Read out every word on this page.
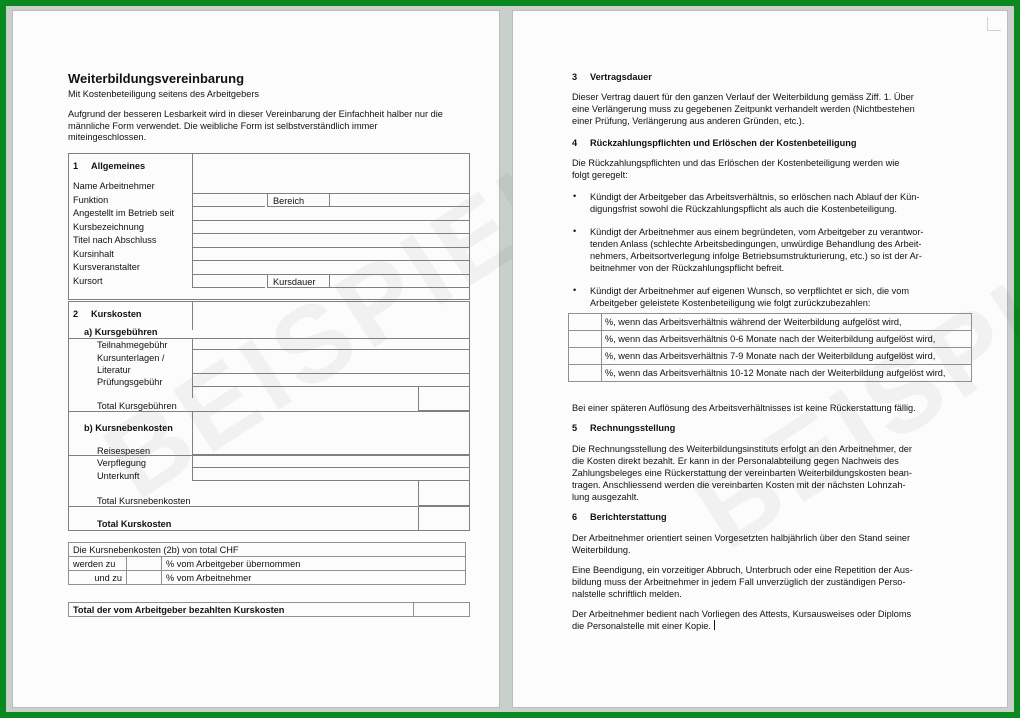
Weiterbildungsvereinbarung
Mit Kostenbeteiligung seitens des Arbeitgebers
Aufgrund der besseren Lesbarkeit wird in dieser Vereinbarung der Einfachheit halber nur die männliche Form verwendet. Die weibliche Form ist selbstverständlich immer miteingeschlossen.
1 Allgemeines
Name Arbeitnehmer
Funktion	Bereich
Angestellt im Betrieb seit
Kursbezeichnung
Titel nach Abschluss
Kursinhalt
Kursveranstalter
Kursort	Kursdauer
2 Kurskosten
a) Kursgebühren
Teilnahmegebühr
Kursunterlagen /
Literatur
Prüfungsgebühr
Total Kursgebühren
b) Kursnebenkosten
Reisespesen
Verpflegung
Unterkunft
Total Kursnebenkosten
Total Kurskosten
Die Kursnebenkosten (2b) von total CHF			
werden zu		% vom Arbeitgeber übernommen	
und zu		% vom Arbeitnehmer	
Total der vom Arbeitgeber bezahlten Kurskosten	
3 Vertragsdauer
Dieser Vertrag dauert für den ganzen Verlauf der Weiterbildung gemäss Ziff. 1. Über
eine Verlängerung muss zu gegebenen Zeitpunkt verhandelt werden (Nichtbestehen
einer Prüfung, Verlängerung aus anderen Gründen, etc.).
4 Rückzahlungspflichten und Erlöschen der Kostenbeteiligung
Die Rückzahlungspflichten und das Erlöschen der Kostenbeteiligung werden wie
folgt geregelt:
• Kündigt der Arbeitgeber das Arbeitsverhältnis, so erlöschen nach Ablauf der Kün-
digungsfrist sowohl die Rückzahlungspflicht als auch die Kostenbeteiligung.
• Kündigt der Arbeitnehmer aus einem begründeten, vom Arbeitgeber zu verantwor-
tenden Anlass (schlechte Arbeitsbedingungen, unwürdige Behandlung des Arbeit-
nehmers, Arbeitsortverlegung infolge Betriebsumstrukturierung, etc.) so ist der Ar-
beitnehmer von der Rückzahlungspflicht befreit.
• Kündigt der Arbeitnehmer auf eigenen Wunsch, so verpflichtet er sich, die vom
Arbeitgeber geleistete Kostenbeteiligung wie folgt zurückzubezahlen:
	%, wenn das Arbeitsverhältnis während der Weiterbildung aufgelöst wird,
	%, wenn das Arbeitsverhältnis 0-6 Monate nach der Weiterbildung aufgelöst wird,
	%, wenn das Arbeitsverhältnis 7-9 Monate nach der Weiterbildung aufgelöst wird,
	%, wenn das Arbeitsverhältnis 10-12 Monate nach der Weiterbildung aufgelöst wird,
Bei einer späteren Auflösung des Arbeitsverhältnisses ist keine Rückerstattung fällig.
5 Rechnungsstellung
Die Rechnungsstellung des Weiterbildungsinstituts erfolgt an den Arbeitnehmer, der
die Kosten direkt bezahlt. Er kann in der Personalabteilung gegen Nachweis des
Zahlungsbeleges eine Rückerstattung der vereinbarten Weiterbildungskosten bean-
tragen. Anschliessend werden die vereinbarten Kosten mit der nächsten Lohnzah-
lung ausgezahlt.
6 Berichterstattung
Der Arbeitnehmer orientiert seinen Vorgesetzten halbjährlich über den Stand seiner
Weiterbildung.
Eine Beendigung, ein vorzeitiger Abbruch, Unterbruch oder eine Repetition der Aus-
bildung muss der Arbeitnehmer in jedem Fall unverzüglich der zuständigen Perso-
nalstelle schriftlich melden.
Der Arbeitnehmer bedient nach Vorliegen des Attests, Kursausweises oder Diploms
die Personalstelle mit einer Kopie.
